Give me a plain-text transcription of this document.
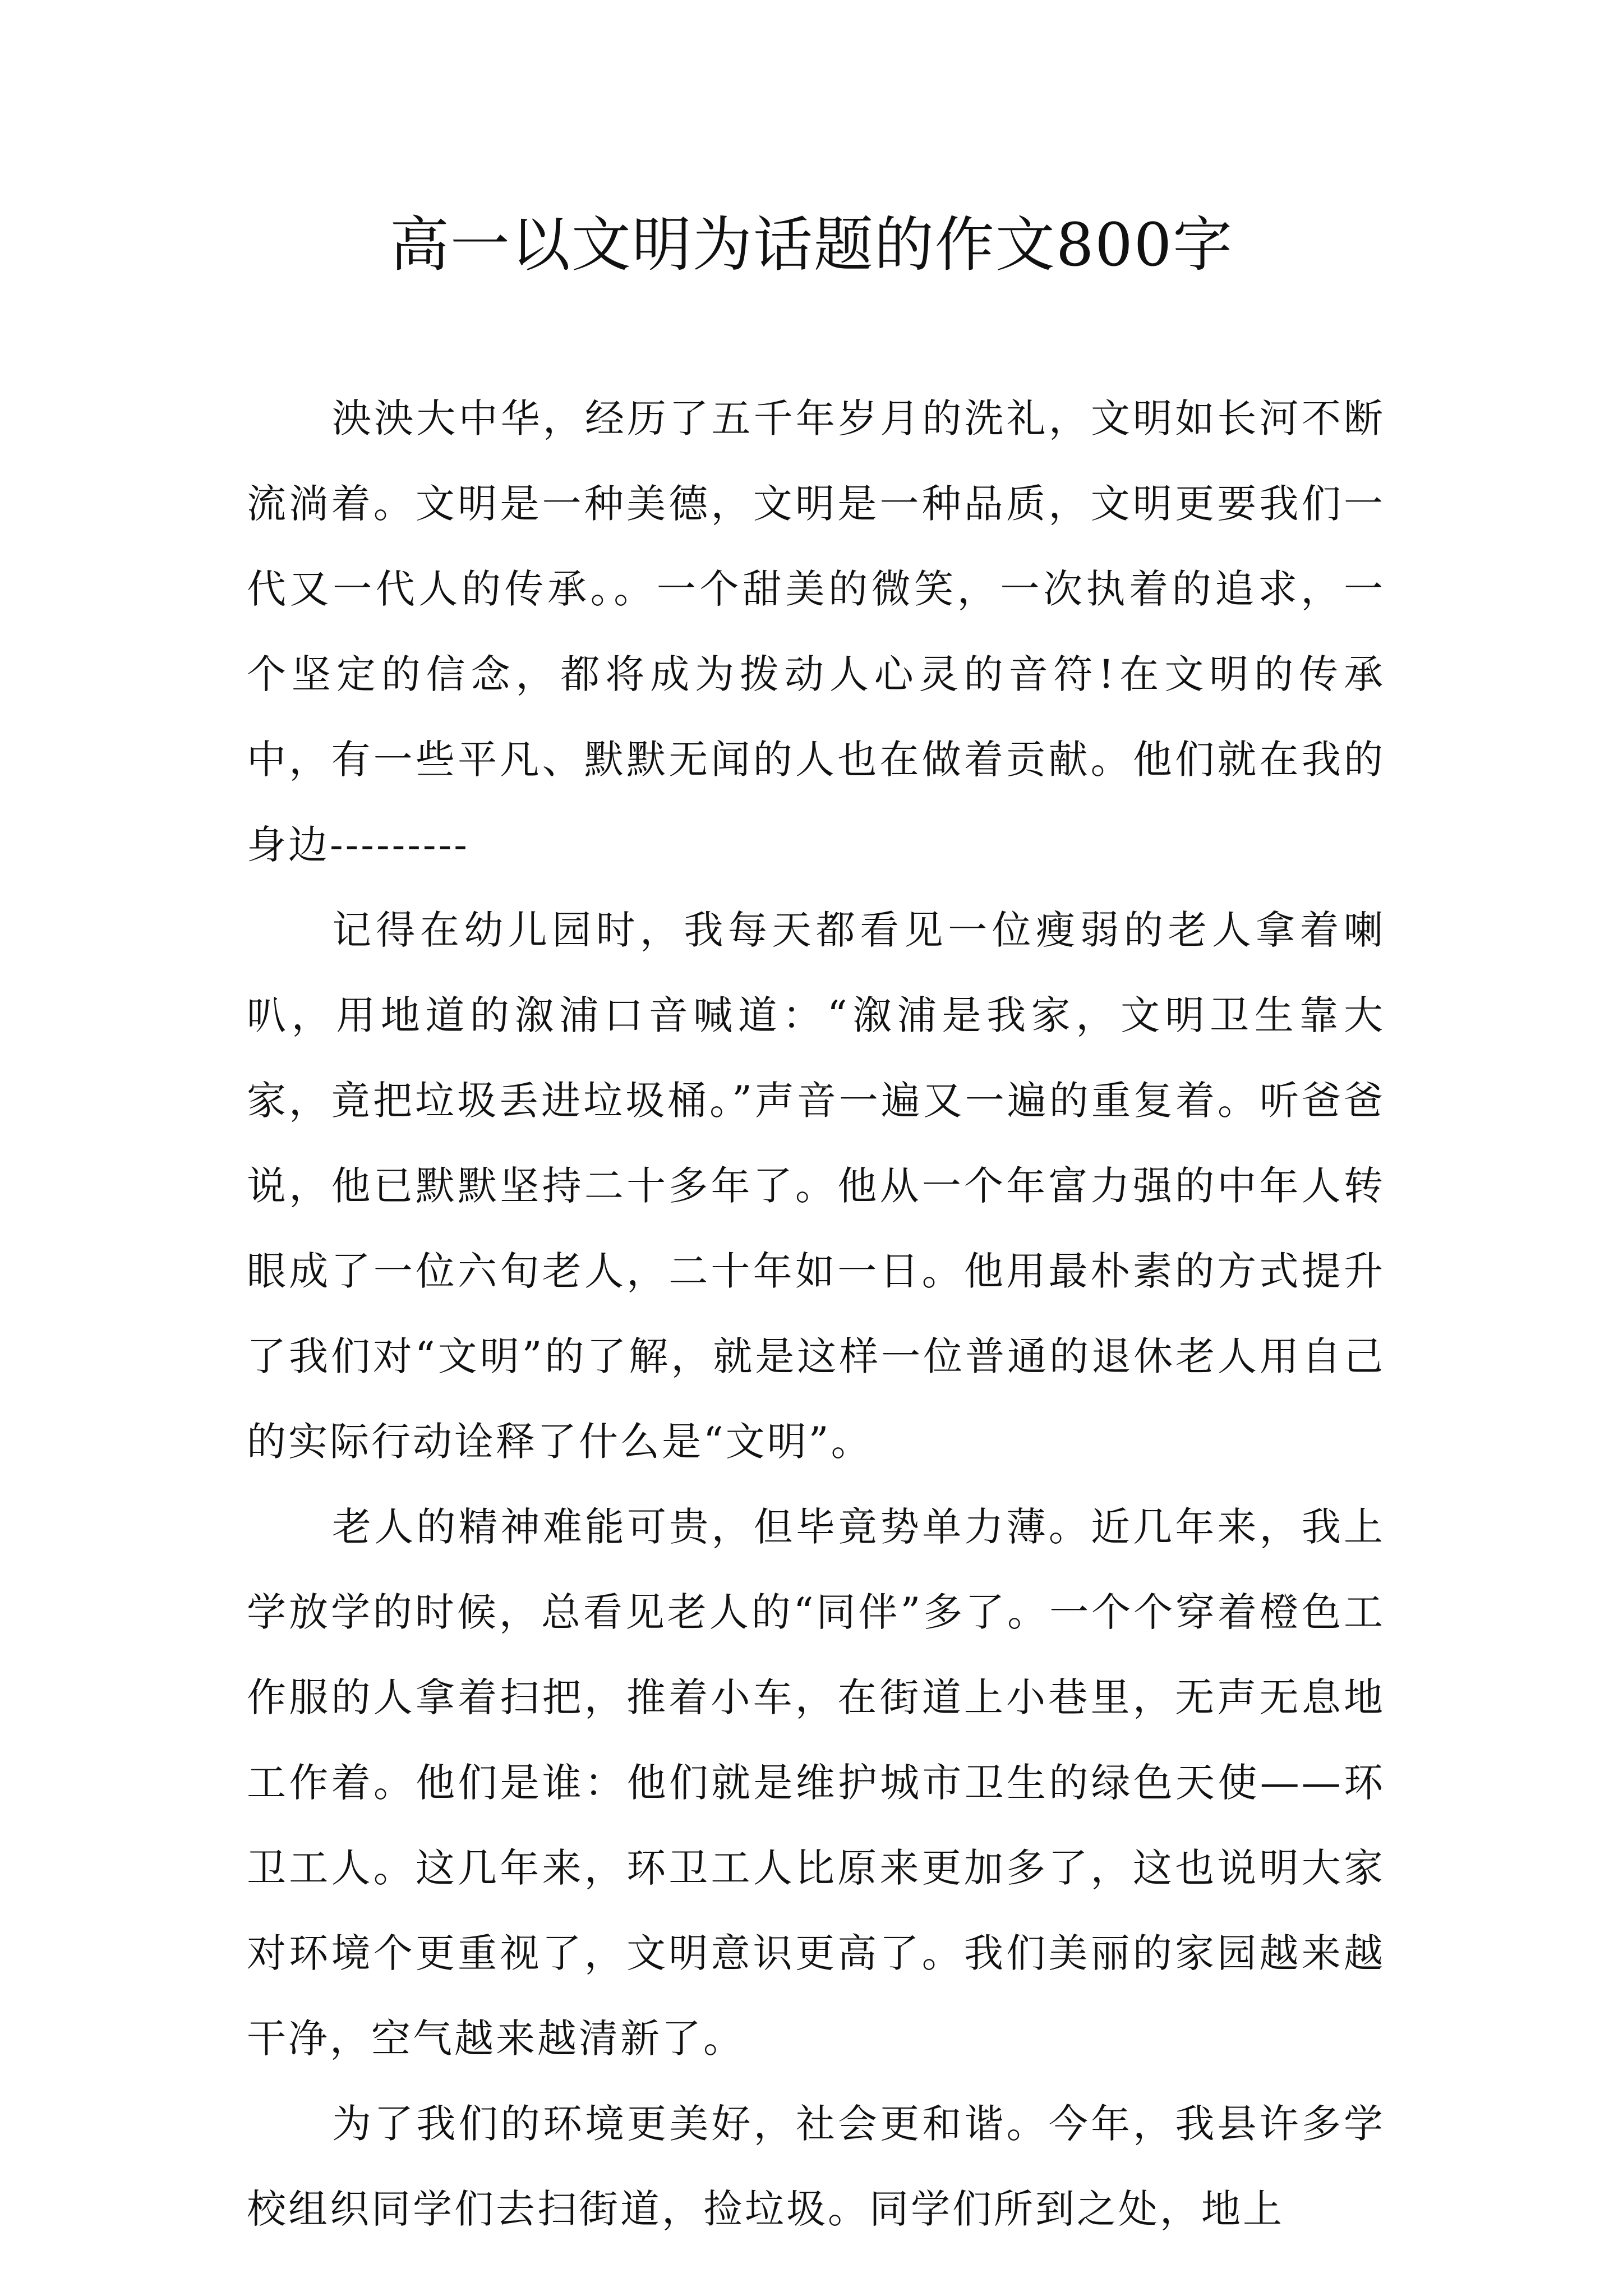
高一以文明为话题的作文800字

泱泱大中华，经历了五千年岁月的洗礼，文明如长河不断流淌着。文明是一种美德，文明是一种品质，文明更要我们一代又一代人的传承。。一个甜美的微笑，一次执着的追求，一个坚定的信念，都将成为拨动人心灵的音符!在文明的传承中，有一些平凡、默默无闻的人也在做着贡献。他们就在我的身边---------

记得在幼儿园时，我每天都看见一位瘦弱的老人拿着喇叭，用地道的溆浦口音喊道：“溆浦是我家，文明卫生靠大家，竟把垃圾丢进垃圾桶。”声音一遍又一遍的重复着。听爸爸说，他已默默坚持二十多年了。他从一个年富力强的中年人转眼成了一位六旬老人，二十年如一日。他用最朴素的方式提升了我们对“文明”的了解，就是这样一位普通的退休老人用自己的实际行动诠释了什么是“文明”。

老人的精神难能可贵，但毕竟势单力薄。近几年来，我上学放学的时候，总看见老人的“同伴”多了。一个个穿着橙色工作服的人拿着扫把，推着小车，在街道上小巷里，无声无息地工作着。他们是谁：他们就是维护城市卫生的绿色天使——环卫工人。这几年来，环卫工人比原来更加多了，这也说明大家对环境个更重视了，文明意识更高了。我们美丽的家园越来越干净，空气越来越清新了。

为了我们的环境更美好，社会更和谐。今年，我县许多学校组织同学们去扫街道，捡垃圾。同学们所到之处，地上
